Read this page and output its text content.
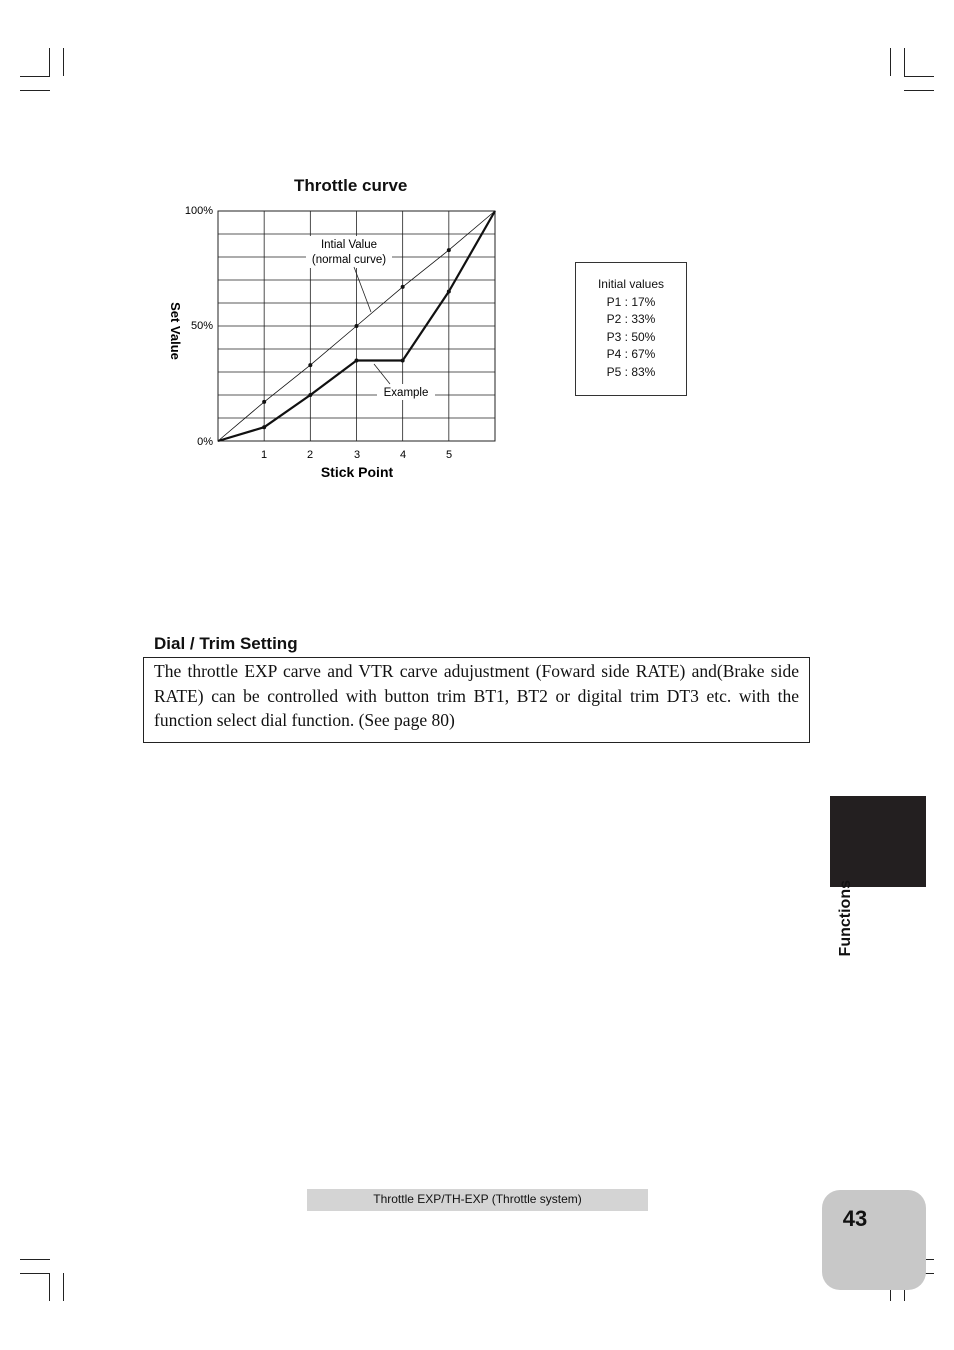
Throttle curve
100%
50%
0%
1	2	3	4	5
Stick Point
Set Value
Intial Value
(normal curve)
Example
Initial values
P1 : 17%
P2 : 33%
P3 : 50%
P4 : 67%
P5 : 83%
Dial / Trim Setting
The throttle EXP carve and VTR carve adujustment (Foward side RATE) and(Brake side RATE) can be controlled with button trim BT1, BT2 or digital trim DT3 etc. with the function select dial function. (See page 80)
Functions
Throttle EXP/TH-EXP (Throttle system)
43
